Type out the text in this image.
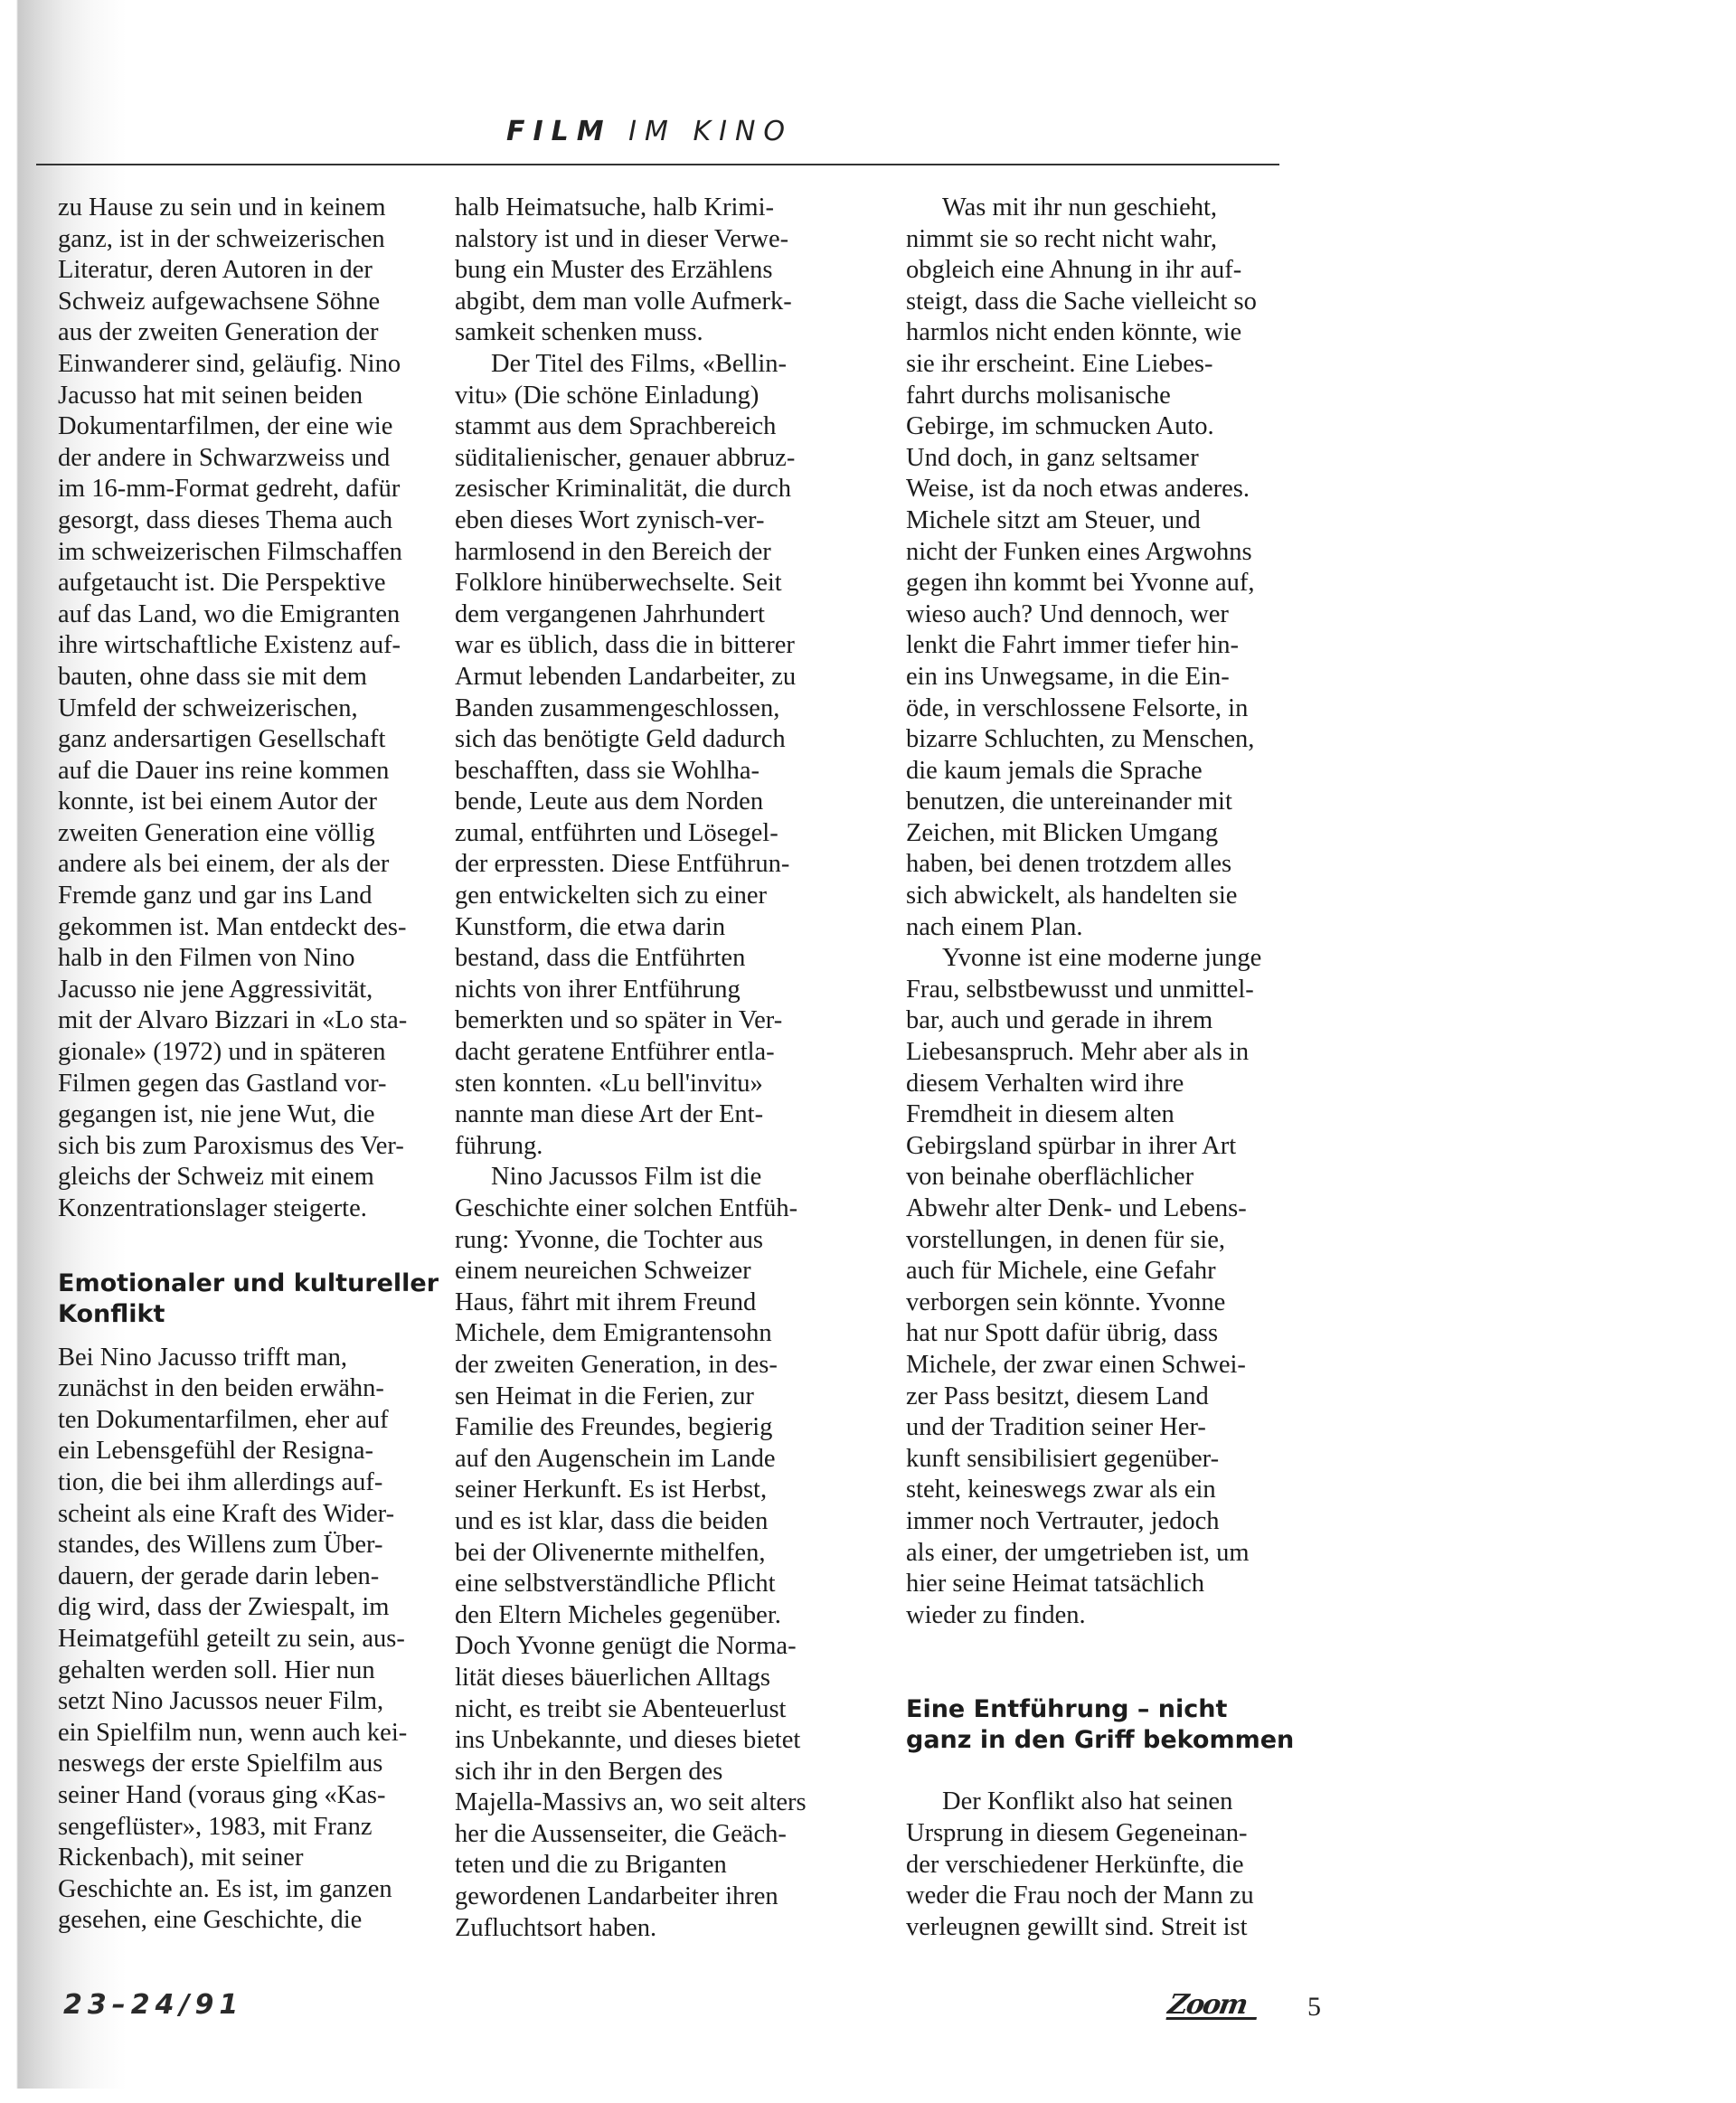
FILM IM KINO
zu Hause zu sein und in keinem
ganz, ist in der schweizerischen
Literatur, deren Autoren in der
Schweiz aufgewachsene Söhne
aus der zweiten Generation der
Einwanderer sind, geläufig. Nino
Jacusso hat mit seinen beiden
Dokumentarfilmen, der eine wie
der andere in Schwarzweiss und
im 16-mm-Format gedreht, dafür
gesorgt, dass dieses Thema auch
im schweizerischen Filmschaffen
aufgetaucht ist. Die Perspektive
auf das Land, wo die Emigranten
ihre wirtschaftliche Existenz auf-
bauten, ohne dass sie mit dem
Umfeld der schweizerischen,
ganz andersartigen Gesellschaft
auf die Dauer ins reine kommen
konnte, ist bei einem Autor der
zweiten Generation eine völlig
andere als bei einem, der als der
Fremde ganz und gar ins Land
gekommen ist. Man entdeckt des-
halb in den Filmen von Nino
Jacusso nie jene Aggressivität,
mit der Alvaro Bizzari in «Lo sta-
gionale» (1972) und in späteren
Filmen gegen das Gastland vor-
gegangen ist, nie jene Wut, die
sich bis zum Paroxismus des Ver-
gleichs der Schweiz mit einem
Konzentrationslager steigerte.
Emotionaler und kultureller
Konflikt
Bei Nino Jacusso trifft man,
zunächst in den beiden erwähn-
ten Dokumentarfilmen, eher auf
ein Lebensgefühl der Resigna-
tion, die bei ihm allerdings auf-
scheint als eine Kraft des Wider-
standes, des Willens zum Über-
dauern, der gerade darin leben-
dig wird, dass der Zwiespalt, im
Heimatgefühl geteilt zu sein, aus-
gehalten werden soll. Hier nun
setzt Nino Jacussos neuer Film,
ein Spielfilm nun, wenn auch kei-
neswegs der erste Spielfilm aus
seiner Hand (voraus ging «Kas-
sengeflüster», 1983, mit Franz
Rickenbach), mit seiner
Geschichte an. Es ist, im ganzen
gesehen, eine Geschichte, die
halb Heimatsuche, halb Krimi-
nalstory ist und in dieser Verwe-
bung ein Muster des Erzählens
abgibt, dem man volle Aufmerk-
samkeit schenken muss.
Der Titel des Films, «Bellin-
vitu» (Die schöne Einladung)
stammt aus dem Sprachbereich
süditalienischer, genauer abbruz-
zesischer Kriminalität, die durch
eben dieses Wort zynisch-ver-
harmlosend in den Bereich der
Folklore hinüberwechselte. Seit
dem vergangenen Jahrhundert
war es üblich, dass die in bitterer
Armut lebenden Landarbeiter, zu
Banden zusammengeschlossen,
sich das benötigte Geld dadurch
beschafften, dass sie Wohlha-
bende, Leute aus dem Norden
zumal, entführten und Lösegel-
der erpressten. Diese Entführun-
gen entwickelten sich zu einer
Kunstform, die etwa darin
bestand, dass die Entführten
nichts von ihrer Entführung
bemerkten und so später in Ver-
dacht geratene Entführer entla-
sten konnten. «Lu bell'invitu»
nannte man diese Art der Ent-
führung.
Nino Jacussos Film ist die
Geschichte einer solchen Entfüh-
rung: Yvonne, die Tochter aus
einem neureichen Schweizer
Haus, fährt mit ihrem Freund
Michele, dem Emigrantensohn
der zweiten Generation, in des-
sen Heimat in die Ferien, zur
Familie des Freundes, begierig
auf den Augenschein im Lande
seiner Herkunft. Es ist Herbst,
und es ist klar, dass die beiden
bei der Olivenernte mithelfen,
eine selbstverständliche Pflicht
den Eltern Micheles gegenüber.
Doch Yvonne genügt die Norma-
lität dieses bäuerlichen Alltags
nicht, es treibt sie Abenteuerlust
ins Unbekannte, und dieses bietet
sich ihr in den Bergen des
Majella-Massivs an, wo seit alters
her die Aussenseiter, die Geäch-
teten und die zu Briganten
gewordenen Landarbeiter ihren
Zufluchtsort haben.
Was mit ihr nun geschieht,
nimmt sie so recht nicht wahr,
obgleich eine Ahnung in ihr auf-
steigt, dass die Sache vielleicht so
harmlos nicht enden könnte, wie
sie ihr erscheint. Eine Liebes-
fahrt durchs molisanische
Gebirge, im schmucken Auto.
Und doch, in ganz seltsamer
Weise, ist da noch etwas anderes.
Michele sitzt am Steuer, und
nicht der Funken eines Argwohns
gegen ihn kommt bei Yvonne auf,
wieso auch? Und dennoch, wer
lenkt die Fahrt immer tiefer hin-
ein ins Unwegsame, in die Ein-
öde, in verschlossene Felsorte, in
bizarre Schluchten, zu Menschen,
die kaum jemals die Sprache
benutzen, die untereinander mit
Zeichen, mit Blicken Umgang
haben, bei denen trotzdem alles
sich abwickelt, als handelten sie
nach einem Plan.
Yvonne ist eine moderne junge
Frau, selbstbewusst und unmittel-
bar, auch und gerade in ihrem
Liebesanspruch. Mehr aber als in
diesem Verhalten wird ihre
Fremdheit in diesem alten
Gebirgsland spürbar in ihrer Art
von beinahe oberflächlicher
Abwehr alter Denk- und Lebens-
vorstellungen, in denen für sie,
auch für Michele, eine Gefahr
verborgen sein könnte. Yvonne
hat nur Spott dafür übrig, dass
Michele, der zwar einen Schwei-
zer Pass besitzt, diesem Land
und der Tradition seiner Her-
kunft sensibilisiert gegenüber-
steht, keineswegs zwar als ein
immer noch Vertrauter, jedoch
als einer, der umgetrieben ist, um
hier seine Heimat tatsächlich
wieder zu finden.
Eine Entführung – nicht
ganz in den Griff bekommen
Der Konflikt also hat seinen
Ursprung in diesem Gegeneinan-
der verschiedener Herkünfte, die
weder die Frau noch der Mann zu
verleugnen gewillt sind. Streit ist
23–24/91	Zoom	5
